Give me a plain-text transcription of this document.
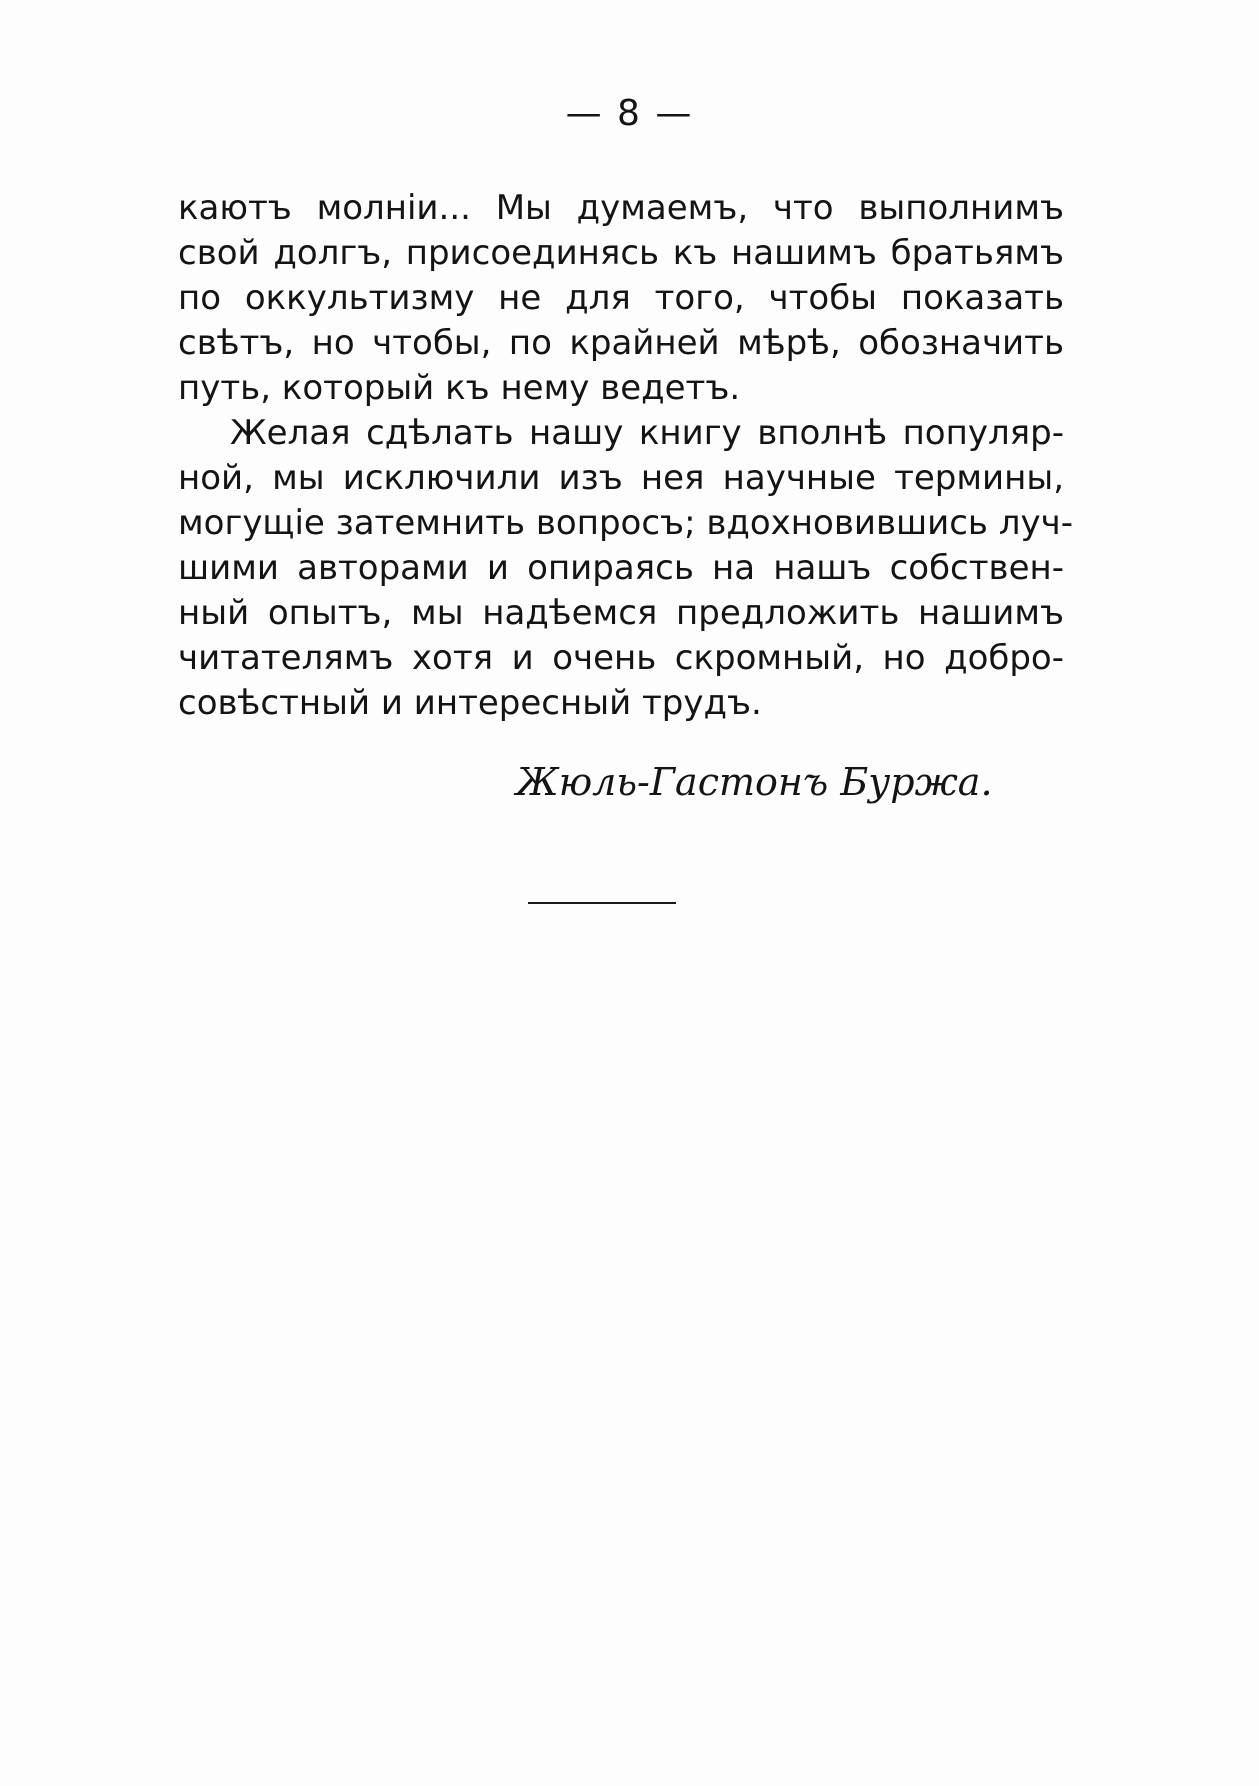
— 8 —
каютъ молніи... Мы думаемъ, что выполнимъ
свой долгъ, присоединясь къ нашимъ братьямъ
по оккультизму не для того, чтобы показать
свѣтъ, но чтобы, по крайней мѣрѣ, обозначить
путь, который къ нему ведетъ.
Желая сдѣлать нашу книгу вполнѣ популяр-
ной, мы исключили изъ нея научные термины,
могущіе затемнить вопросъ; вдохновившись луч-
шими авторами и опираясь на нашъ собствен-
ный опытъ, мы надѣемся предложить нашимъ
читателямъ хотя и очень скромный, но добро-
совѣстный и интересный трудъ.
Жюль-Гастонъ Буржа.
